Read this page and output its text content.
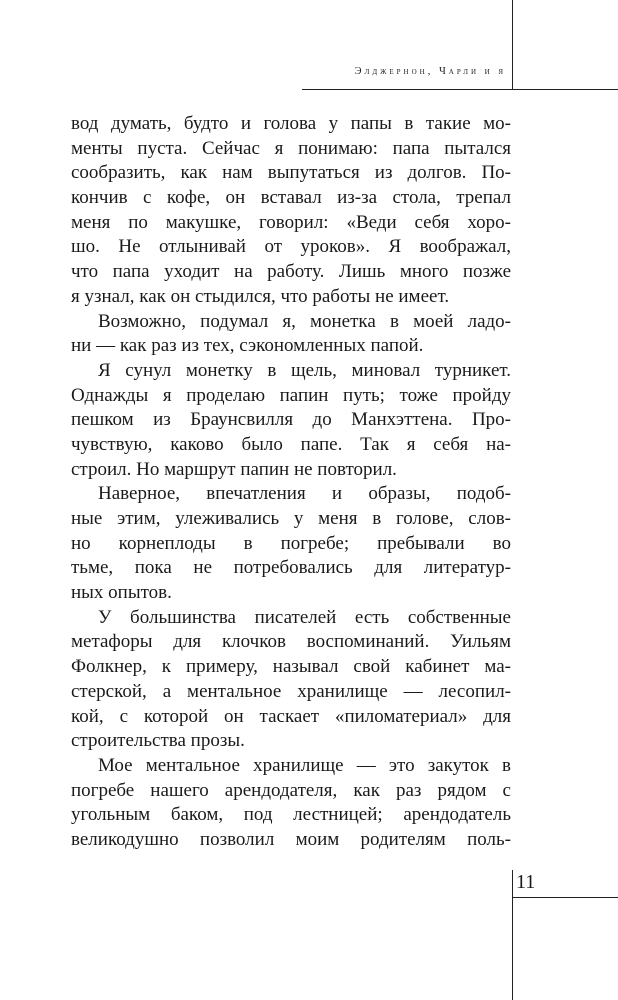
Элджернон, Чарли и я
вод думать, будто и голова у папы в такие мо-
менты пуста. Сейчас я понимаю: папа пытался
сообразить, как нам выпутаться из долгов. По-
кончив с кофе, он вставал из-за стола, трепал
меня по макушке, говорил: «Веди себя хоро-
шо. Не отлынивай от уроков». Я воображал,
что папа уходит на работу. Лишь много позже
я узнал, как он стыдился, что работы не имеет.
Возможно, подумал я, монетка в моей ладо-
ни — как раз из тех, сэкономленных папой.
Я сунул монетку в щель, миновал турникет.
Однажды я проделаю папин путь; тоже пройду
пешком из Браунсвилля до Манхэттена. Про-
чувствую, каково было папе. Так я себя на-
строил. Но маршрут папин не повторил.
Наверное, впечатления и образы, подоб-
ные этим, улеживались у меня в голове, слов-
но корнеплоды в погребе; пребывали во
тьме, пока не потребовались для литератур-
ных опытов.
У большинства писателей есть собственные
метафоры для клочков воспоминаний. Уильям
Фолкнер, к примеру, называл свой кабинет ма-
стерской, а ментальное хранилище — лесопил-
кой, с которой он таскает «пиломатериал» для
строительства прозы.
Мое ментальное хранилище — это закуток в
погребе нашего арендодателя, как раз рядом с
угольным баком, под лестницей; арендодатель
великодушно позволил моим родителям поль-
11
